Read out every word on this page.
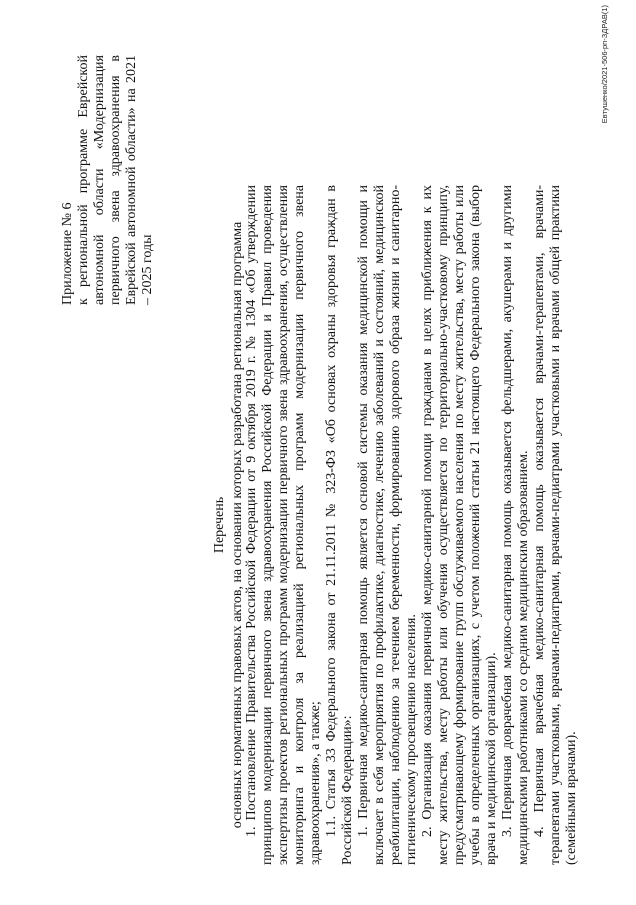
Приложение № 6 к региональной программе Еврейской автономной области «Модернизация первичного звена здравоохранения в Еврейской автономной области» на 2021 – 2025 годы
Перечень основных нормативных правовых актов, на основании которых разработана региональная программа 1. Постановление Правительства Российской Федерации от 9 октября 2019 г. № 1304 «Об утверждении принципов модернизации первичного звена здравоохранения Российской Федерации и Правил проведения экспертизы проектов региональных программ модернизации первичного звена здравоохранения, осуществления мониторинга и контроля за реализацией региональных программ модернизации первичного звена здравоохранения», а также; 1.1. Статья 33 Федерального закона от 21.11.2011 № 323-ФЗ «Об основах охраны здоровья граждан в Российской Федерации»: 1. Первичная медико-санитарная помощь является основой системы оказания медицинской помощи и включает в себя мероприятия по профилактике, диагностике, лечению заболеваний и состояний, медицинской реабилитации, наблюдению за течением беременности, формированию здорового образа жизни и санитарно-гигиеническому просвещению населения. 2. Организация оказания первичной медико-санитарной помощи гражданам в целях приближения к их месту жительства, месту работы или обучения осуществляется по территориально-участковому принципу, предусматривающему формирование групп обслуживаемого населения по месту жительства, месту работы или учебы в определенных организациях, с учетом положений статьи 21 настоящего Федерального закона (выбор врача и медицинской организации). 3. Первичная доврачебная медико-санитарная помощь оказывается фельдшерами, акушерами и другими медицинскими работниками со средним медицинским образованием. 4. Первичная врачебная медико-санитарная помощь оказывается врачами-терапевтами, врачами-терапевтами участковыми, врачами-педиатрами, врачами-педиатрами участковыми и врачами общей практики (семейными врачами).

Евтушенко/2021-506-рп-ЗДРАВ(1)
